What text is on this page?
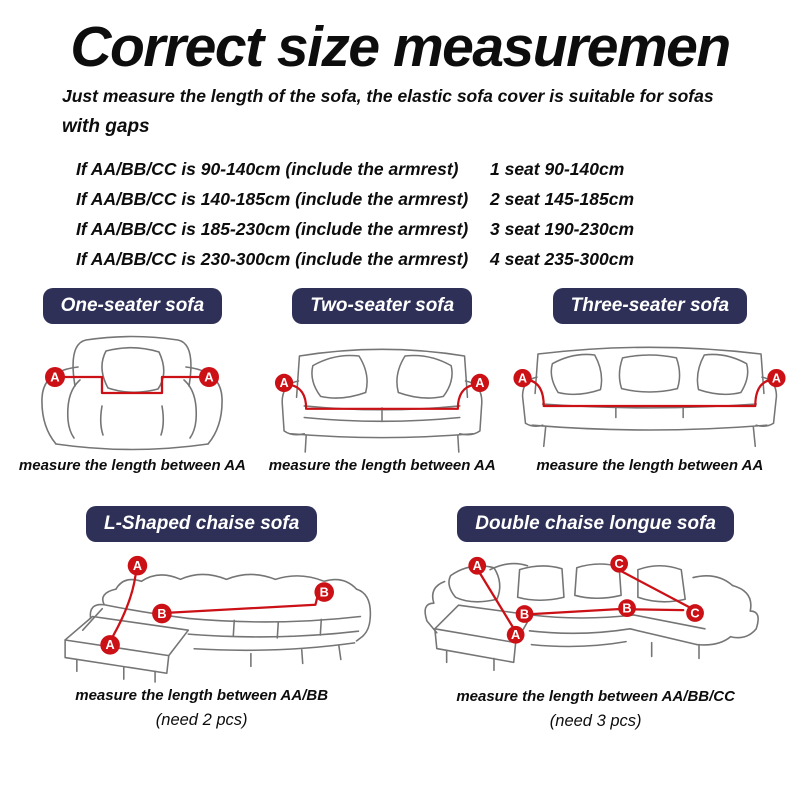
Correct size measuremen

Just measure the length of the sofa, the elastic sofa cover is suitable for sofas

with gaps

If AA/BB/CC is 90-140cm (include the armrest)	1 seat 90-140cm
If AA/BB/CC is 140-185cm (include the armrest)	2 seat 145-185cm
If AA/BB/CC is 185-230cm (include the armrest)	3 seat 190-230cm
If AA/BB/CC is 230-300cm (include the armrest)	4 seat 235-300cm
One-seater sofa
A	A
measure the length between AA
Two-seater sofa
A	A
measure the length between AA
Three-seater sofa
A	A
measure the length between AA
L-Shaped chaise sofa
A
A
B
B
measure the length between AA/BB
(need 2 pcs)
Double chaise longue sofa
A
A
B	B
C
C
measure the length between AA/BB/CC
(need 3 pcs)
